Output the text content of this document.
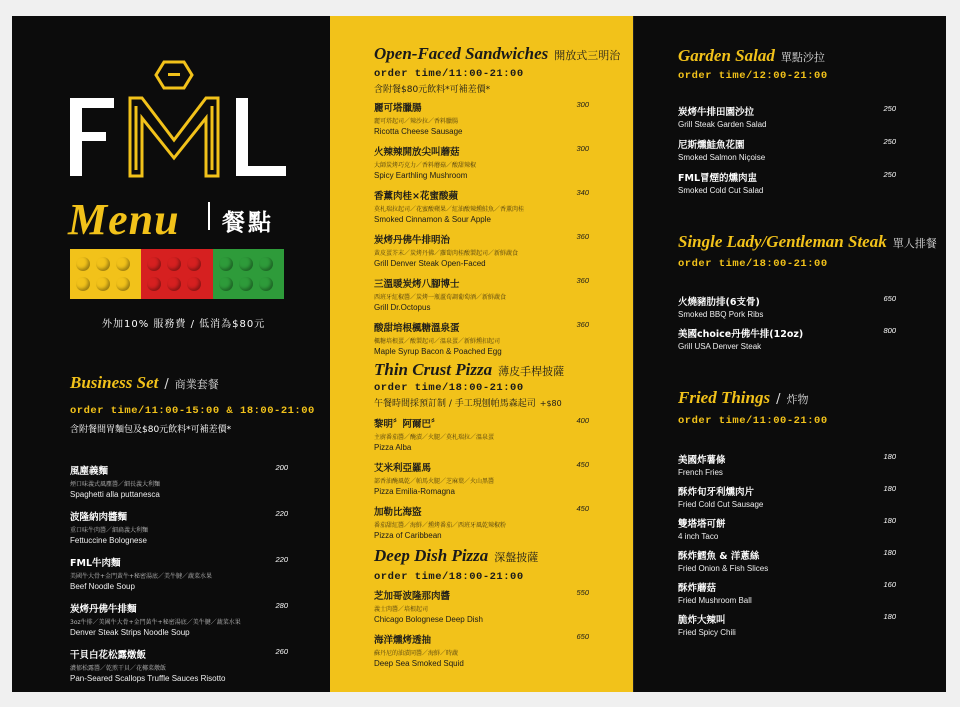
Menu 餐點
外加10% 服務費 / 低消為$80元
Business Set / 商業套餐
order time/11:00-15:00 & 18:00-21:00
含附餐間胃麵包及$80元飲料*可補差價*
風塵義麵
煙口味義式風塵醬／細長義大利麵
Spaghetti alla puttanesca
200
波隆納肉醬麵
重口味牛肉醬／細扁義大利麵
Fettuccine Bolognese
220
FML牛肉麵
美國牛大骨+金門黃牛+秘密湯底／美牛腱／蔬菜水果
Beef Noodle Soup
220
炭烤丹佛牛排麵
3oz牛排／美國牛大骨+金門黃牛+秘密湯底／美牛腱／蔬菜水果
Denver Steak Strips Noodle Soup
280
干貝白花松露燉飯
濃郁松露醬／乾煎干貝／花椰菜燉飯
Pan-Seared Scallops Truffle Sauces Risotto
260
Open-Faced Sandwiches 開放式三明治
order time/11:00-21:00
含附餐$80元飲料*可補差價*
麗可塔臘腸
麗可塔起司／辣沙拉／香料臘腸
Ricotta Cheese Sausage
300
火辣辣開放尖叫蘑菇
大師炭烤巧克力／香料蘑菇／酸甜辣椒
Spicy Earthling Mushroom
300
香薰肉桂×花蜜酸蘋
莫札瑞拉起司／花蜜酸蘋果／紅油酸辣燻鮭魚／香薰肉桂
Smoked Cinnamon & Sour Apple
340
炭烤丹佛牛排明治
黃皮蛋芥末／炭烤丹佛／蘿蔔肉桂酸製起司／新鮮蔬食
Grill Denver Steak Open-Faced
360
三溫暖炭烤八腳博士
西班牙紅椒醬／炭烤一瓶蘆荀調葡萄酒／新鮮蔬食
Grill Dr.Octopus
360
酸甜培根楓糖溫泉蛋
楓糖培根蛋／酸製起司／溫泉蛋／新鮮燻扣起司
Maple Syrup Bacon & Poached Egg
360
Thin Crust Pizza 薄皮手桿披薩
order time/18:00-21:00
午餐時間採預訂制 / 手工現刨帕馬森起司 +$80
黎明〞阿爾巴〞
主廚番茄醬／醃漬／火腿／莫札瑞拉／溫泉蛋
Pizza Alba
400
艾米利亞羅馬
部香油醃風乾／帕馬火腿／芝麻葉／火山黑醬
Pizza Emilia-Romagna
450
加勒比海盜
番茄甜紅醬／海鮮／燻烤番茄／西班牙風乾辣椒粉
Pizza of Caribbean
450
Deep Dish Pizza 深盤披薩
order time/18:00-21:00
芝加哥波隆那肉醬
義士肉醬／培根起司
Chicago Bolognese Deep Dish
550
海洋燻烤透抽
蘇丹尼的油漬同醬／海鮮／時蔬
Deep Sea Smoked Squid
650
Garden Salad 單點沙拉
order time/12:00-21:00
炭烤牛排田園沙拉
Grill Steak Garden Salad
250
尼斯燻鮭魚花園
Smoked Salmon Niçoise
250
FML冒煙的燻肉盅
Smoked Cold Cut Salad
250
Single Lady/Gentleman Steak 單人排餐
order time/18:00-21:00
火燒豬肋排(6支骨)
Smoked BBQ Pork Ribs
650
美國choice丹佛牛排(12oz)
Grill USA Denver Steak
800
Fried Things / 炸物
order time/11:00-21:00
美國炸薯條
French Fries
180
酥炸旬牙利燻肉片
Fried Cold Cut Sausage
180
雙塔塔可餅
4 inch Taco
180
酥炸鱈魚 & 洋蔥絲
Fried Onion & Fish Slices
180
酥炸蘑菇
Fried Mushroom Ball
160
脆炸大辣叫
Fried Spicy Chili
180
